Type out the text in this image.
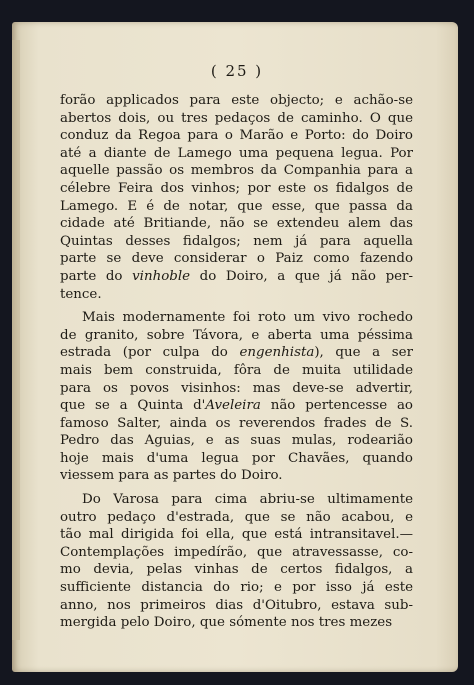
( 25 )
forão applicados para este objecto; e achão-se
abertos dois, ou tres pedaços de caminho. O que
conduz da Regoa para o Marão e Porto: do Doiro
até a diante de Lamego uma pequena legua. Por
aquelle passão os membros da Companhia para a
célebre Feira dos vinhos; por este os fidalgos de
Lamego. E é de notar, que esse, que passa da
cidade até Britiande, não se extendeu alem das
Quintas desses fidalgos; nem já para aquella
parte se deve considerar o Paiz como fazendo
parte do vinhoble do Doiro, a que já não per-
tence.
Mais modernamente foi roto um vivo rochedo
de granito, sobre Távora, e aberta uma péssima
estrada (por culpa do engenhista), que a ser
mais bem construida, fôra de muita utilidade
para os povos visinhos: mas deve-se advertir,
que se a Quinta d'Aveleira não pertencesse ao
famoso Salter, ainda os reverendos frades de S.
Pedro das Aguias, e as suas mulas, rodearião
hoje mais d'uma legua por Chavães, quando
viessem para as partes do Doiro.
Do Varosa para cima abriu-se ultimamente
outro pedaço d'estrada, que se não acabou, e
tão mal dirigida foi ella, que está intransitavel.—
Contemplações impedírão, que atravessasse, co-
mo devia, pelas vinhas de certos fidalgos, a
sufficiente distancia do rio; e por isso já este
anno, nos primeiros dias d'Oitubro, estava sub-
mergida pelo Doiro, que sómente nos tres mezes
